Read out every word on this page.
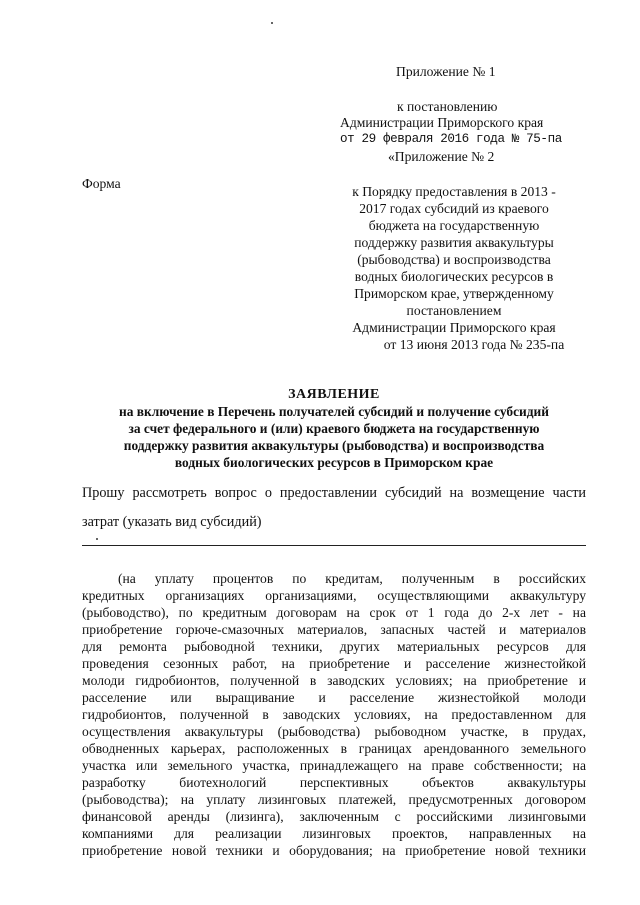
Приложение № 1
к постановлению
Администрации Приморского края
от 29 февраля 2016 года № 75-па
«Приложение № 2
Форма
к Порядку предоставления в 2013 -
2017 годах субсидий из краевого
бюджета на государственную
поддержку развития аквакультуры
(рыбоводства) и воспроизводства
водных биологических ресурсов в
Приморском крае, утвержденному
постановлением
Администрации Приморского края
от 13 июня 2013 года № 235-па
ЗАЯВЛЕНИЕ
на включение в Перечень получателей субсидий и получение субсидий
за счет федерального и (или) краевого бюджета на государственную
поддержку развития аквакультуры (рыбоводства) и воспроизводства
водных биологических ресурсов в Приморском крае
Прошу рассмотреть вопрос о предоставлении субсидий на возмещение части
затрат (указать вид субсидий)
(на уплату процентов по кредитам, полученным в российских
кредитных организациях организациями, осуществляющими аквакультуру
(рыбоводство), по кредитным договорам на срок от 1 года до 2-х лет - на
приобретение горюче-смазочных материалов, запасных частей и материалов
для ремонта рыбоводной техники, других материальных ресурсов для
проведения сезонных работ, на приобретение и расселение жизнестойкой
молоди гидробионтов, полученной в заводских условиях; на приобретение и
расселение или выращивание и расселение жизнестойкой молоди
гидробионтов, полученной в заводских условиях, на предоставленном для
осуществления аквакультуры (рыбоводства) рыбоводном участке, в прудах,
обводненных карьерах, расположенных в границах арендованного земельного
участка или земельного участка, принадлежащего на праве собственности; на
разработку биотехнологий перспективных объектов аквакультуры
(рыбоводства); на уплату лизинговых платежей, предусмотренных договором
финансовой аренды (лизинга), заключенным с российскими лизинговыми
компаниями для реализации лизинговых проектов, направленных на
приобретение новой техники и оборудования; на приобретение новой техники
